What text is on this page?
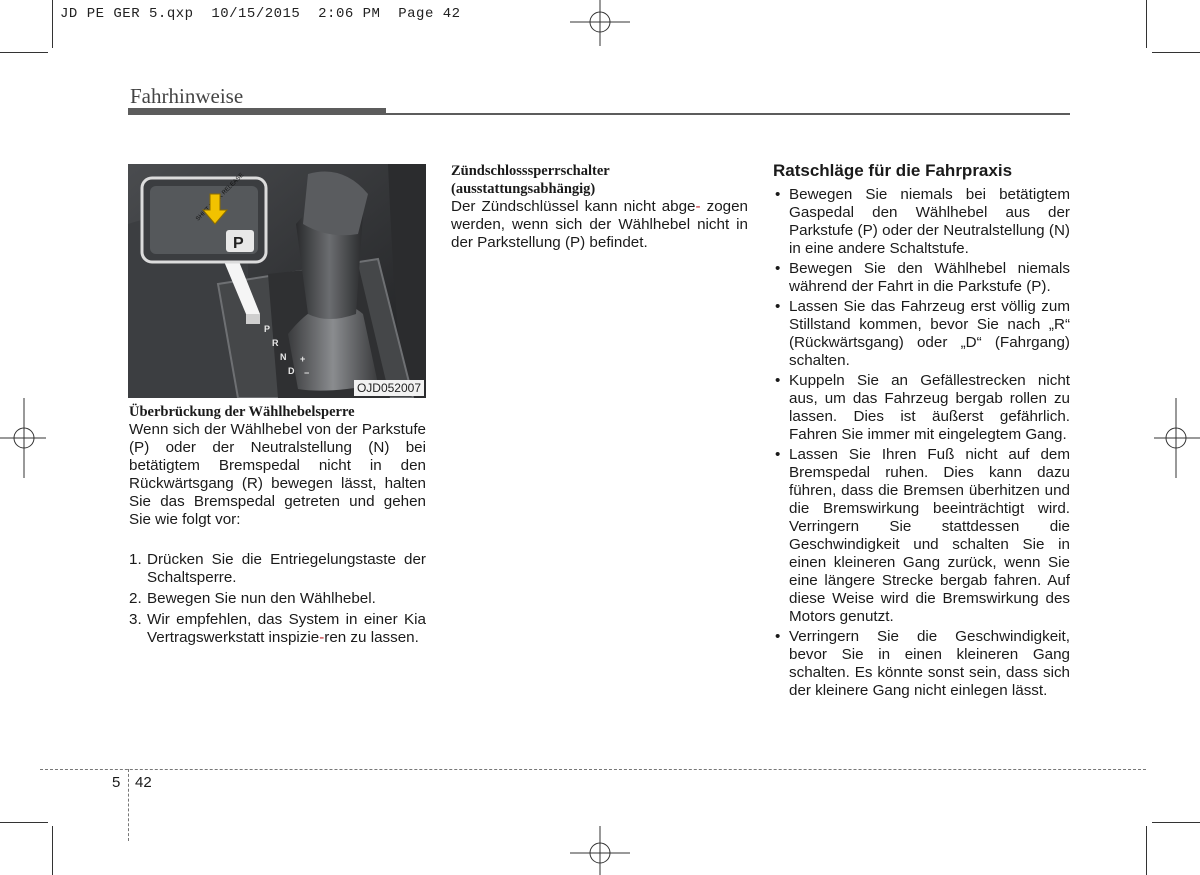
JD PE GER 5.qxp  10/15/2015  2:06 PM  Page 42
Fahrhinweise
P
R
N
D
+
−
SHIFT RELEASE
P
OJD052007
Überbrückung der Wählhebelsperre
Wenn sich der Wählhebel von der Parkstufe (P) oder der Neutralstellung (N) bei betätigtem Bremspedal nicht in den Rückwärtsgang (R) bewegen lässt, halten Sie das Bremspedal getreten und gehen Sie wie folgt vor:
1. Drücken Sie die Entriegelungstaste der Schaltsperre.
2. Bewegen Sie nun den Wählhebel.
3. Wir empfehlen, das System in einer Kia Vertragswerkstatt inspizie-ren zu lassen.
Zündschlosssperrschalter
(ausstattungsabhängig)
Der Zündschlüssel kann nicht abge- zogen werden, wenn sich der Wählhebel nicht in der Parkstellung (P) befindet.
Ratschläge für die Fahrpraxis
• Bewegen Sie niemals bei betätigtem Gaspedal den Wählhebel aus der Parkstufe (P) oder der Neutralstellung (N) in eine andere Schaltstufe.
• Bewegen Sie den Wählhebel niemals während der Fahrt in die Parkstufe (P).
• Lassen Sie das Fahrzeug erst völlig zum Stillstand kommen, bevor Sie nach „R“ (Rückwärtsgang) oder „D“ (Fahrgang) schalten.
• Kuppeln Sie an Gefällestrecken nicht aus, um das Fahrzeug bergab rollen zu lassen. Dies ist äußerst gefährlich. Fahren Sie immer mit eingelegtem Gang.
• Lassen Sie Ihren Fuß nicht auf dem Bremspedal ruhen. Dies kann dazu führen, dass die Bremsen überhitzen und die Bremswirkung beeinträchtigt wird. Verringern Sie stattdessen die Geschwindigkeit und schalten Sie in einen kleineren Gang zurück, wenn Sie eine längere Strecke bergab fahren. Auf diese Weise wird die Bremswirkung des Motors genutzt.
• Verringern Sie die Geschwindigkeit, bevor Sie in einen kleineren Gang schalten. Es könnte sonst sein, dass sich der kleinere Gang nicht einlegen lässt.
5 42
